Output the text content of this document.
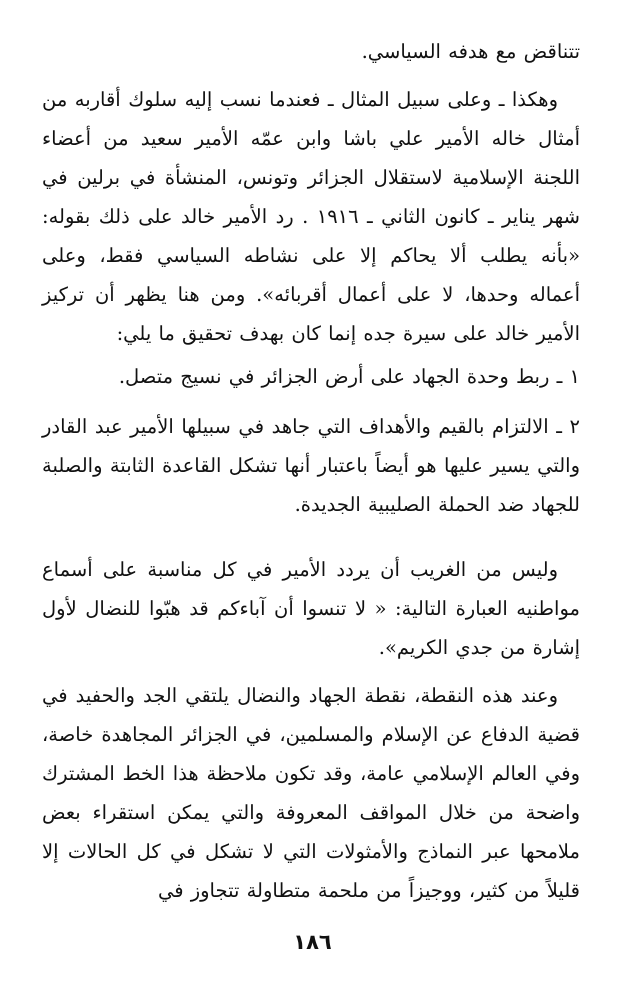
تتناقض مع هدفه السياسي.

وهكذا ـ وعلى سبيل المثال ـ فعندما نسب إليه سلوك أقاربه من أمثال خاله الأمير علي باشا وابن عمّه الأمير سعيد من أعضاء اللجنة الإسلامية لاستقلال الجزائر وتونس، المنشأة في برلين في شهر يناير ـ كانون الثاني ـ ١٩١٦ . رد الأمير خالد على ذلك بقوله: «بأنه يطلب ألا يحاكم إلا على نشاطه السياسي فقط، وعلى أعماله وحدها، لا على أعمال أقربائه». ومن هنا يظهر أن تركيز الأمير خالد على سيرة جده إنما كان بهدف تحقيق ما يلي:

١ ـ ربط وحدة الجهاد على أرض الجزائر في نسيج متصل.

٢ ـ الالتزام بالقيم والأهداف التي جاهد في سبيلها الأمير عبد القادر والتي يسير عليها هو أيضاً باعتبار أنها تشكل القاعدة الثابتة والصلبة للجهاد ضد الحملة الصليبية الجديدة.

وليس من الغريب أن يردد الأمير في كل مناسبة على أسماع مواطنيه العبارة التالية: « لا تنسوا أن آباءكم قد هبّوا للنضال لأول إشارة من جدي الكريم».

وعند هذه النقطة، نقطة الجهاد والنضال يلتقي الجد والحفيد في قضية الدفاع عن الإسلام والمسلمين، في الجزائر المجاهدة خاصة، وفي العالم الإسلامي عامة، وقد تكون ملاحظة هذا الخط المشترك واضحة من خلال المواقف المعروفة والتي يمكن استقراء بعض ملامحها عبر النماذج والأمثولات التي لا تشكل في كل الحالات إلا قليلاً من كثير، ووجيزاً من ملحمة متطاولة تتجاوز في

١٨٦
